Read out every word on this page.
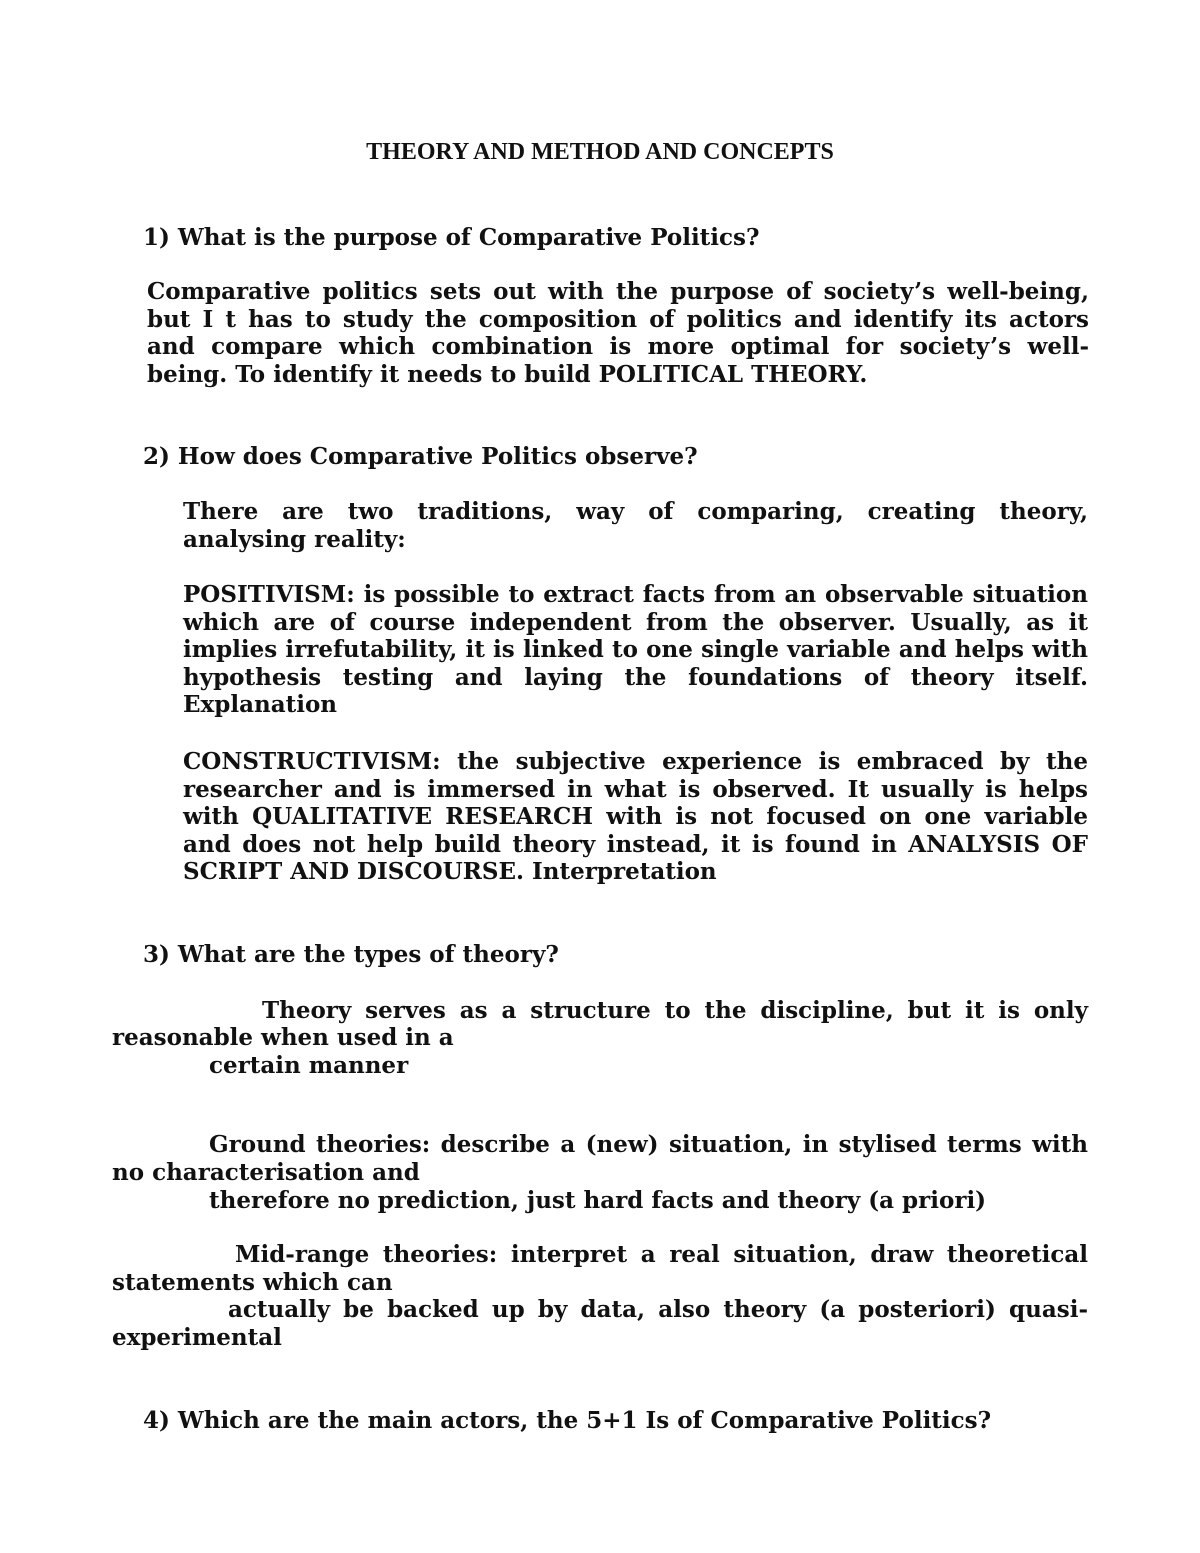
THEORY AND METHOD AND CONCEPTS
1) What is the purpose of Comparative Politics?
Comparative politics sets out with the purpose of society’s well-being, but I t has to study the composition of politics and identify its actors and compare which combination is more optimal for society’s well-being. To identify it needs to build POLITICAL THEORY.
2) How does Comparative Politics observe?
There are two traditions, way of comparing, creating theory, analysing reality:
POSITIVISM: is possible to extract facts from an observable situation which are of course independent from the observer. Usually, as it implies irrefutability, it is linked to one single variable and helps with hypothesis testing and laying the foundations of theory itself. Explanation
CONSTRUCTIVISM: the subjective experience is embraced by the researcher and is immersed in what is observed. It usually is helps with QUALITATIVE RESEARCH with is not focused on one variable and does not help build theory instead, it is found in ANALYSIS OF SCRIPT AND DISCOURSE. Interpretation
3) What are the types of theory?
Theory serves as a structure to the discipline, but it is only
reasonable when used in a
certain manner
Ground theories: describe a (new) situation, in stylised terms with
no characterisation and
therefore no prediction, just hard facts and theory (a priori)
Mid-range theories: interpret a real situation, draw theoretical
statements which can
actually be backed up by data, also theory (a posteriori) quasi-
experimental
4) Which are the main actors, the 5+1 Is of Comparative Politics?
